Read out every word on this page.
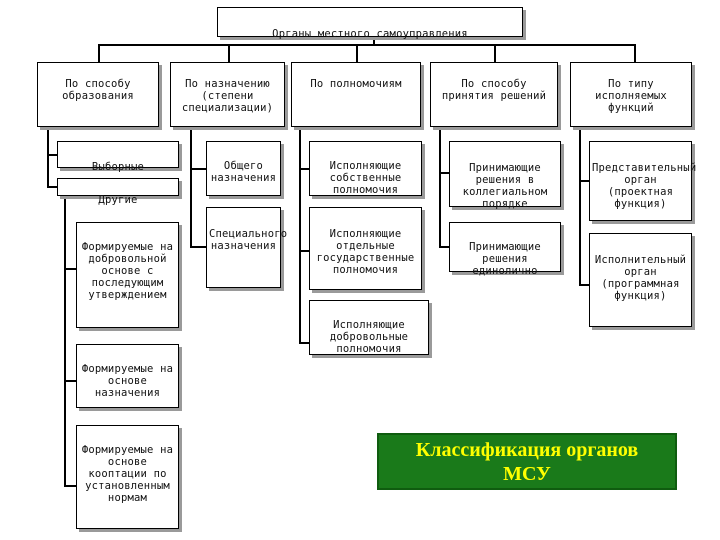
Органы местного самоуправления

По способу образования

По назначению (степени специализации)

По полномочиям	По способу принятия решений

По типу исполняемых функций

Выборные

Другие

Формируемые на добровольной основе с последующим утверждением

Формируемые на основе назначения

Формируемые на основе кооптации по установленным нормам

Общего назначения

Специального назначения

Исполняющие собственные полномочия

Исполняющие отдельные государственные полномочия

Исполняющие добровольные полномочия

Принимающие решения в коллегиальном порядке

Принимающие решения единолично

Представительный орган (проектная функция)

Исполнительный орган (программная функция)

Классификация органов
МСУ
